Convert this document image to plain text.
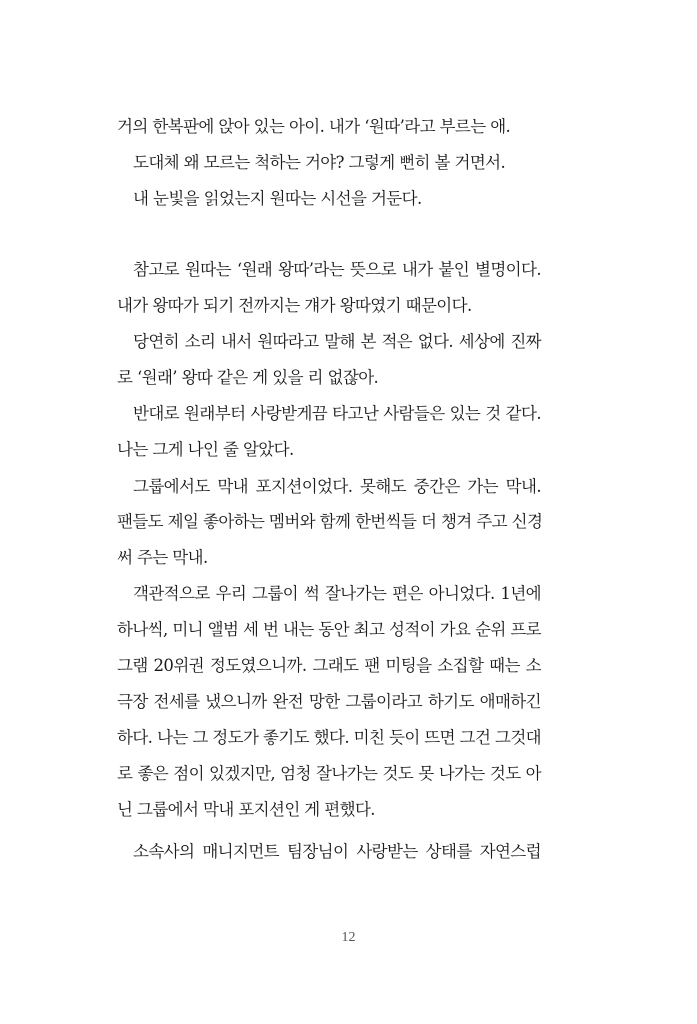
거의 한복판에 앉아 있는 아이. 내가 ‘원따’라고 부르는 애.
도대체 왜 모르는 척하는 거야? 그렇게 뻔히 볼 거면서.
내 눈빛을 읽었는지 원따는 시선을 거둔다.
참고로 원따는 ‘원래 왕따’라는 뜻으로 내가 붙인 별명이다.
내가 왕따가 되기 전까지는 걔가 왕따였기 때문이다.
당연히 소리 내서 원따라고 말해 본 적은 없다. 세상에 진짜
로 ‘원래’ 왕따 같은 게 있을 리 없잖아.
반대로 원래부터 사랑받게끔 타고난 사람들은 있는 것 같다.
나는 그게 나인 줄 알았다.
그룹에서도 막내 포지션이었다. 못해도 중간은 가는 막내.
팬들도 제일 좋아하는 멤버와 함께 한번씩들 더 챙겨 주고 신경
써 주는 막내.
객관적으로 우리 그룹이 썩 잘나가는 편은 아니었다. 1년에
하나씩, 미니 앨범 세 번 내는 동안 최고 성적이 가요 순위 프로
그램 20위권 정도였으니까. 그래도 팬 미팅을 소집할 때는 소
극장 전세를 냈으니까 완전 망한 그룹이라고 하기도 애매하긴
하다. 나는 그 정도가 좋기도 했다. 미친 듯이 뜨면 그건 그것대
로 좋은 점이 있겠지만, 엄청 잘나가는 것도 못 나가는 것도 아
닌 그룹에서 막내 포지션인 게 편했다.
소속사의 매니지먼트 팀장님이 사랑받는 상태를 자연스럽
12
